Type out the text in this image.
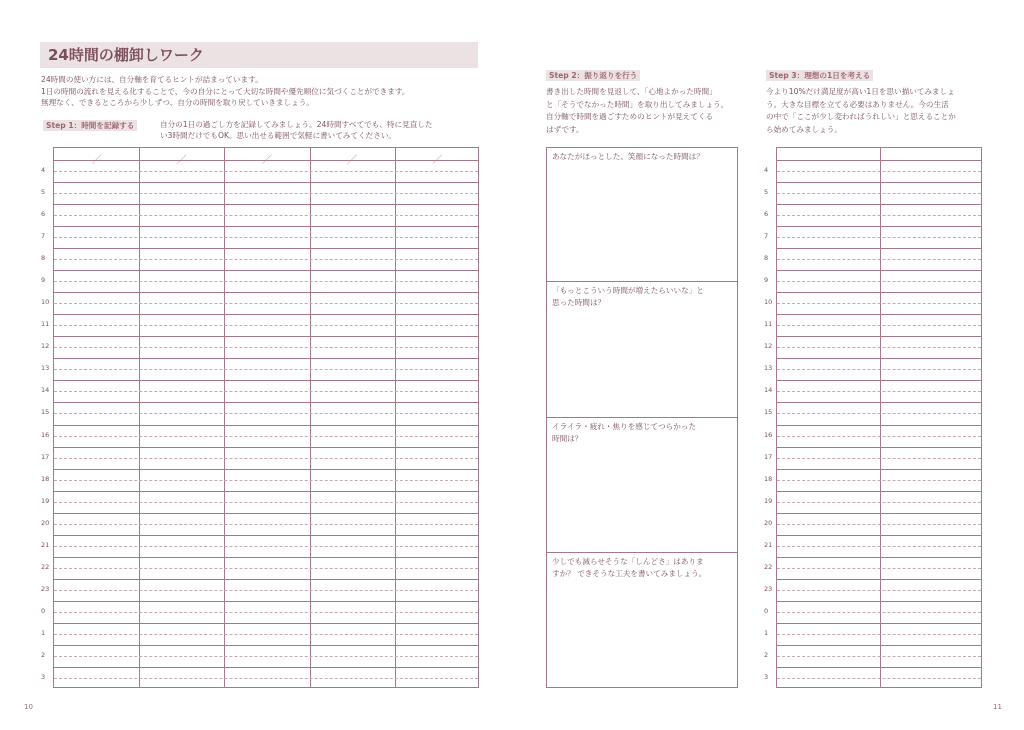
24時間の棚卸しワーク
24時間の使い方には、自分軸を育てるヒントが詰まっています。
1日の時間の流れを見える化することで、今の自分にとって大切な時間や優先順位に気づくことができます。
無理なく、できるところから少しずつ、自分の時間を取り戻していきましょう。
Step 1：時間を記録する	自分の1日の過ごし方を記録してみましょう。24時間すべてでも、特に見直した
い3時間だけでもOK。思い出せる範囲で気軽に書いてみてください。
4
5
6
7
8
9
10
11
12
13
14
15
16
17
18
19
20
21
22
23
0
1
2
3
Step 2：振り返りを行う
書き出した時間を見返して、「心地よかった時間」
と「そうでなかった時間」を取り出してみましょう。
自分軸で時間を過ごすためのヒントが見えてくる
はずです。
あなたがほっとした、笑顔になった時間は？
「もっとこういう時間が増えたらいいな」と
思った時間は？
イライラ・疲れ・焦りを感じてつらかった
時間は？
少しでも減らせそうな「しんどさ」はありま
すか？ できそうな工夫を書いてみましょう。
Step 3：理想の1日を考える
今より10%だけ満足度が高い1日を思い描いてみましょ
う。大きな目標を立てる必要はありません。今の生活
の中で「ここが少し変わればうれしい」と思えることか
ら始めてみましょう。
4
5
6
7
8
9
10
11
12
13
14
15
16
17
18
19
20
21
22
23
0
1
2
3
10	11
